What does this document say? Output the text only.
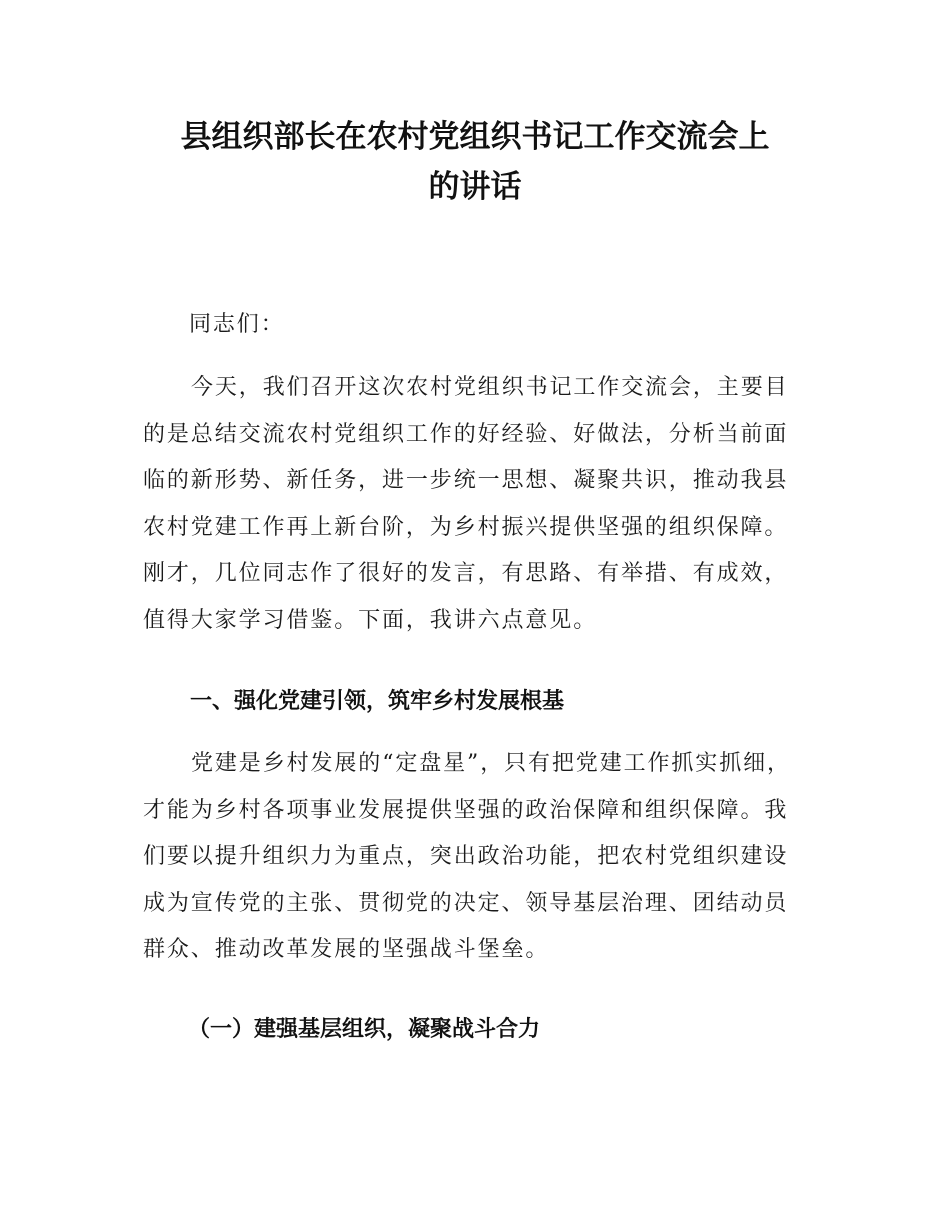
县组织部长在农村党组织书记工作交流会上
的讲话

同志们：

今天，我们召开这次农村党组织书记工作交流会，主要目
的是总结交流农村党组织工作的好经验、好做法，分析当前面
临的新形势、新任务，进一步统一思想、凝聚共识，推动我县
农村党建工作再上新台阶，为乡村振兴提供坚强的组织保障。
刚才，几位同志作了很好的发言，有思路、有举措、有成效，
值得大家学习借鉴。下面，我讲六点意见。

一、强化党建引领，筑牢乡村发展根基

党建是乡村发展的“定盘星”，只有把党建工作抓实抓细，
才能为乡村各项事业发展提供坚强的政治保障和组织保障。我
们要以提升组织力为重点，突出政治功能，把农村党组织建设
成为宣传党的主张、贯彻党的决定、领导基层治理、团结动员
群众、推动改革发展的坚强战斗堡垒。

（一）建强基层组织，凝聚战斗合力
